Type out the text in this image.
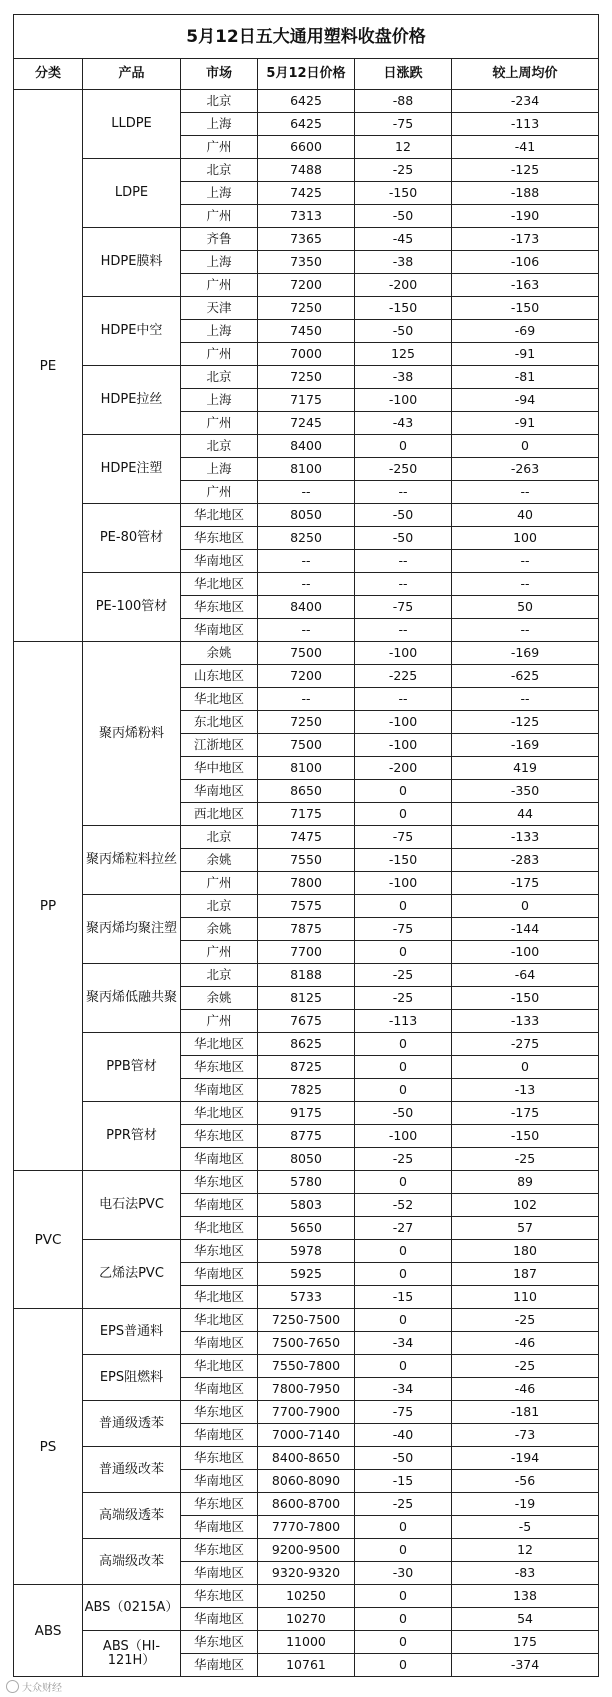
5月12日五大通用塑料收盘价格					
分类	产品	市场	5月12日价格	日涨跌	较上周均价
PE	LLDPE	北京	6425	-88	-234
		上海	6425	-75	-113
		广州	6600	12	-41
	LDPE	北京	7488	-25	-125
		上海	7425	-150	-188
		广州	7313	-50	-190
	HDPE膜料	齐鲁	7365	-45	-173
		上海	7350	-38	-106
		广州	7200	-200	-163
	HDPE中空	天津	7250	-150	-150
		上海	7450	-50	-69
		广州	7000	125	-91
	HDPE拉丝	北京	7250	-38	-81
		上海	7175	-100	-94
		广州	7245	-43	-91
	HDPE注塑	北京	8400	0	0
		上海	8100	-250	-263
		广州	--	--	--
	PE-80管材	华北地区	8050	-50	40
		华东地区	8250	-50	100
		华南地区	--	--	--
	PE-100管材	华北地区	--	--	--
		华东地区	8400	-75	50
		华南地区	--	--	--
PP	聚丙烯粉料	余姚	7500	-100	-169
		山东地区	7200	-225	-625
		华北地区	--	--	--
		东北地区	7250	-100	-125
		江浙地区	7500	-100	-169
		华中地区	8100	-200	419
		华南地区	8650	0	-350
		西北地区	7175	0	44
	聚丙烯粒料拉丝	北京	7475	-75	-133
		余姚	7550	-150	-283
		广州	7800	-100	-175
	聚丙烯均聚注塑	北京	7575	0	0
		余姚	7875	-75	-144
		广州	7700	0	-100
	聚丙烯低融共聚	北京	8188	-25	-64
		余姚	8125	-25	-150
		广州	7675	-113	-133
	PPB管材	华北地区	8625	0	-275
		华东地区	8725	0	0
		华南地区	7825	0	-13
	PPR管材	华北地区	9175	-50	-175
		华东地区	8775	-100	-150
		华南地区	8050	-25	-25
PVC	电石法PVC	华东地区	5780	0	89
		华南地区	5803	-52	102
		华北地区	5650	-27	57
	乙烯法PVC	华东地区	5978	0	180
		华南地区	5925	0	187
		华北地区	5733	-15	110
PS	EPS普通料	华北地区	7250-7500	0	-25
		华南地区	7500-7650	-34	-46
	EPS阻燃料	华北地区	7550-7800	0	-25
		华南地区	7800-7950	-34	-46
	普通级透苯	华东地区	7700-7900	-75	-181
		华南地区	7000-7140	-40	-73
	普通级改苯	华东地区	8400-8650	-50	-194
		华南地区	8060-8090	-15	-56
	高端级透苯	华东地区	8600-8700	-25	-19
		华南地区	7770-7800	0	-5
	高端级改苯	华东地区	9200-9500	0	12
		华南地区	9320-9320	-30	-83
ABS	ABS（0215A）	华东地区	10250	0	138
		华南地区	10270	0	54
	ABS（HI-121H）	华东地区	11000	0	175
		华南地区	10761	0	-374
大众财经
